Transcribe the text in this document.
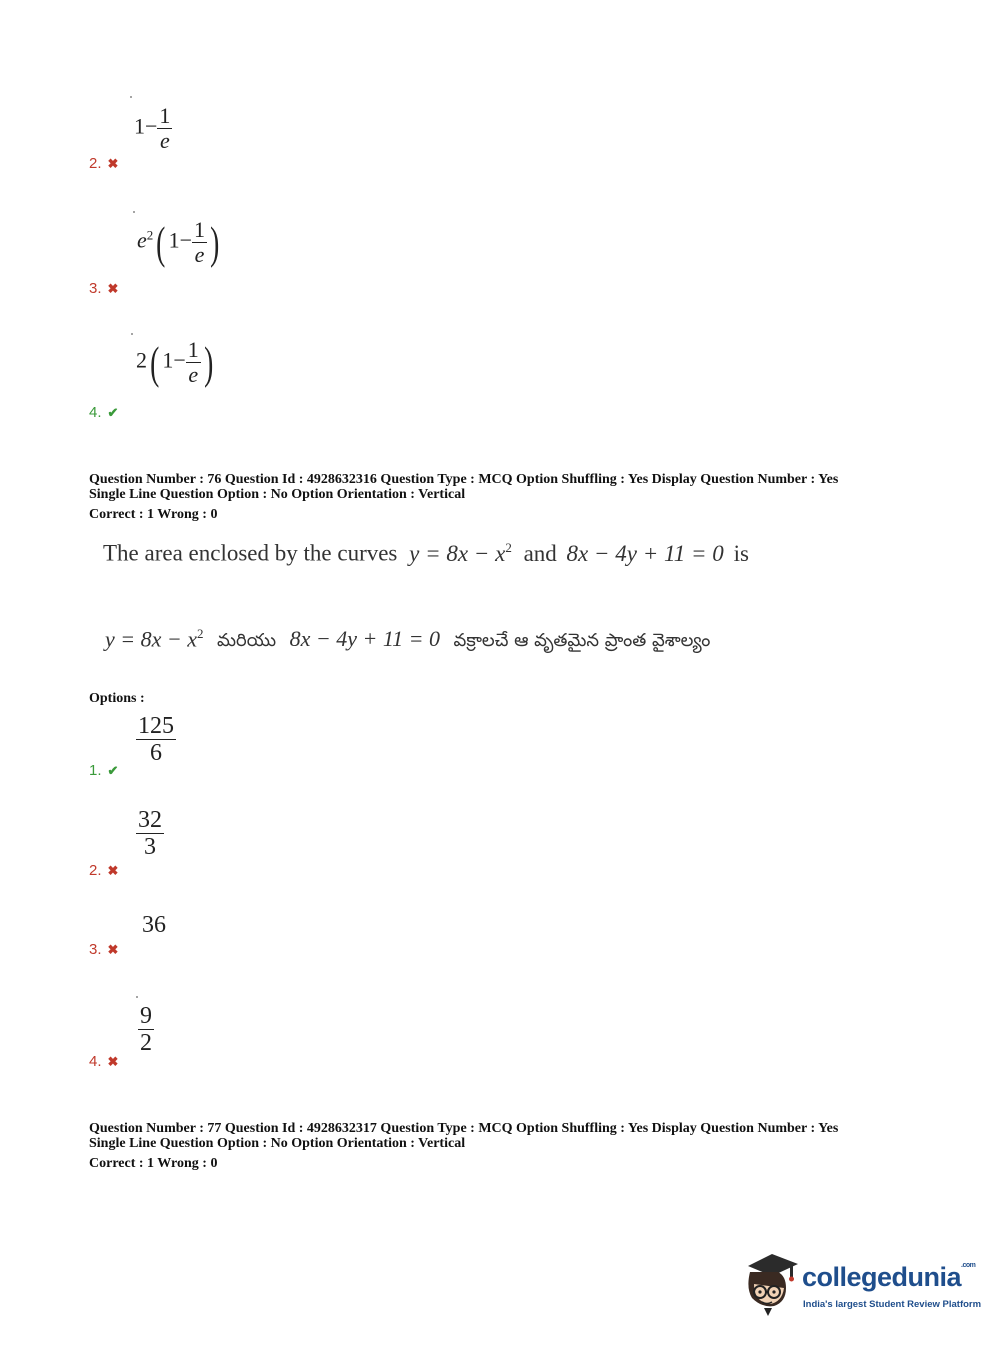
$1- \frac{1}{e}$
2. ✖
$e^2$( $1- \frac{1}{e}$ )
3. ✖
2( $1- \frac{1}{e}$ )
4. ✔
Question Number : 76 Question Id : 4928632316 Question Type : MCQ Option Shuffling : Yes Display Question Number : Yes
Single Line Question Option : No Option Orientation : Vertical
Correct : 1 Wrong : 0
The area enclosed by the curves $y = 8x - x^2$ and 8x − 4y + 11 = 0 is
$y = 8x - x^2$ మరియు 8x − 4y + 11 = 0 వక్రాలచే ఆ వృతమైన ప్రాంత వైశాల్యం
Options :
$\frac{125}{6}$
1. ✔
$\frac{32}{3}$
2. ✖
36
3. ✖
$\frac{9}{2}$
4. ✖
Question Number : 77 Question Id : 4928632317 Question Type : MCQ Option Shuffling : Yes Display Question Number : Yes
Single Line Question Option : No Option Orientation : Vertical
Correct : 1 Wrong : 0
collegedunia$^{.com}$
India's largest Student Review Platform
